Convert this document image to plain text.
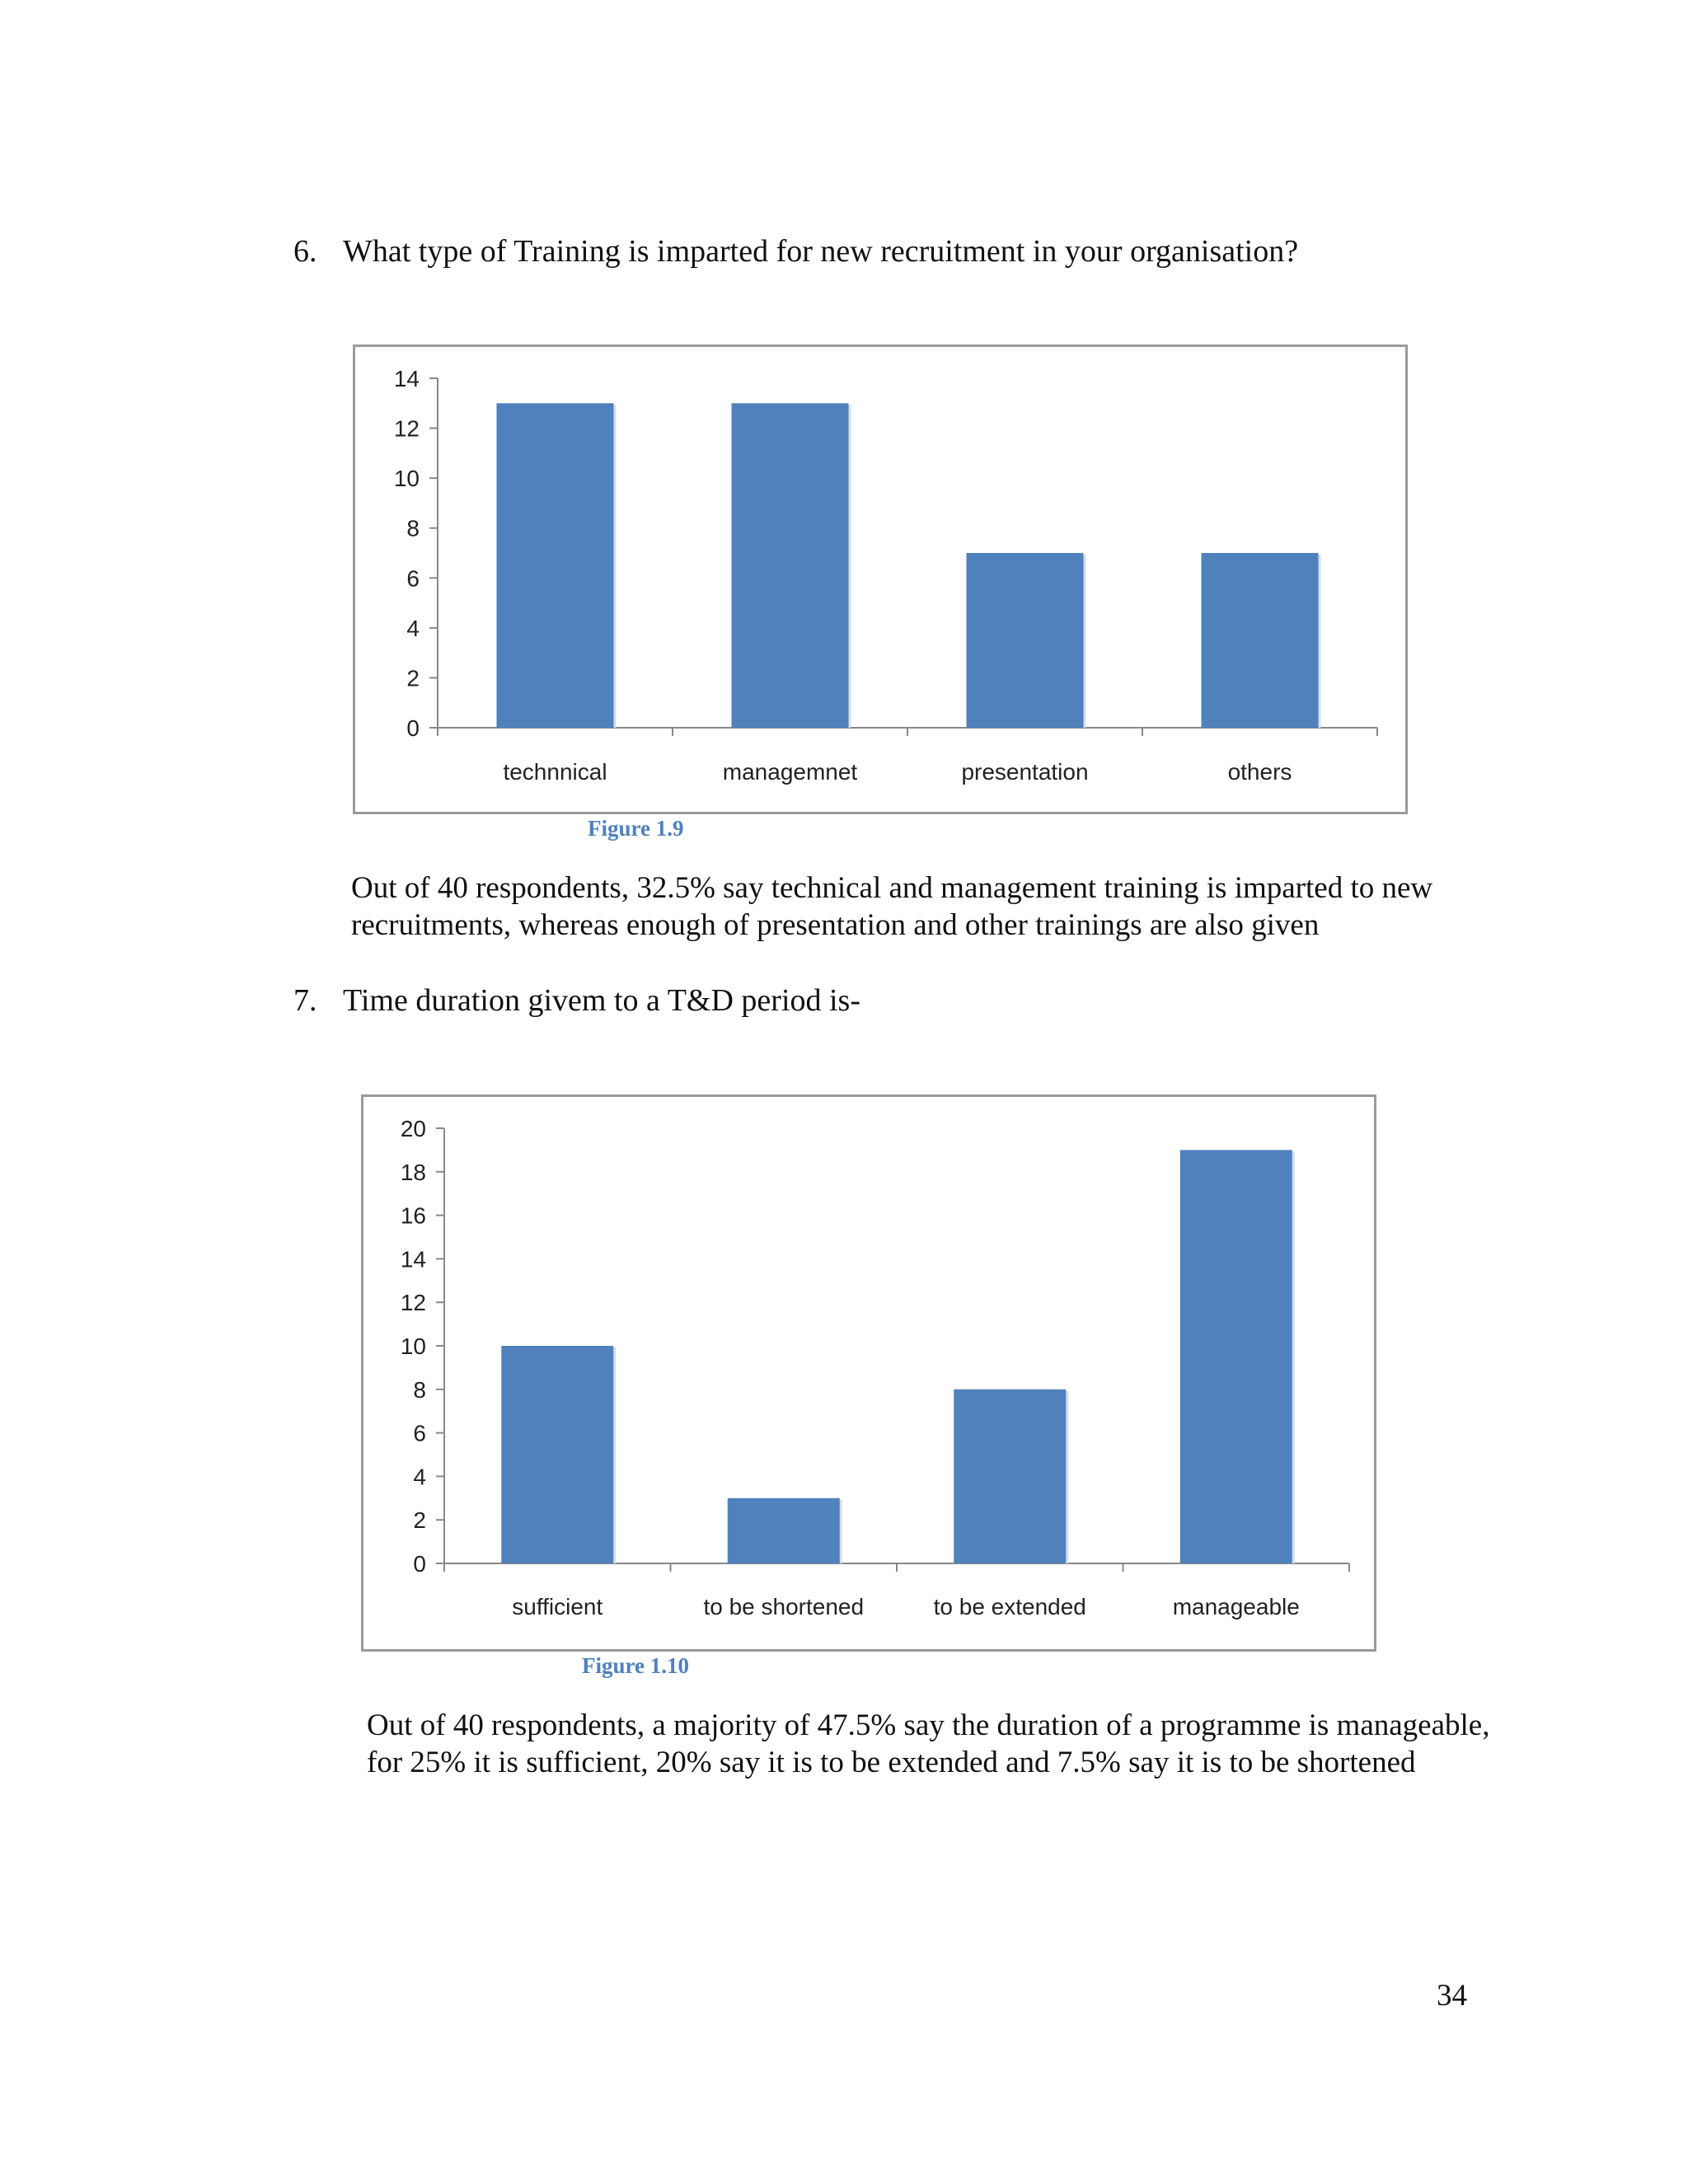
6. What type of Training is imparted for new recruitment in your organisation?
0
2
4
6
8
10
12
14
technnical	managemnet	presentation	others
Figure 1.9
Out of 40 respondents, 32.5% say technical and management training is imparted to new recruitments, whereas enough of presentation and other trainings are also given
7. Time duration givem to a T&D period is-
0
2
4
6
8
10
12
14
16
18
20
sufficient	to be shortened	to be extended	manageable
Figure 1.10
Out of 40 respondents, a majority of 47.5% say the duration of a programme is manageable, for 25% it is sufficient, 20% say it is to be extended and 7.5% say it is to be shortened
34
